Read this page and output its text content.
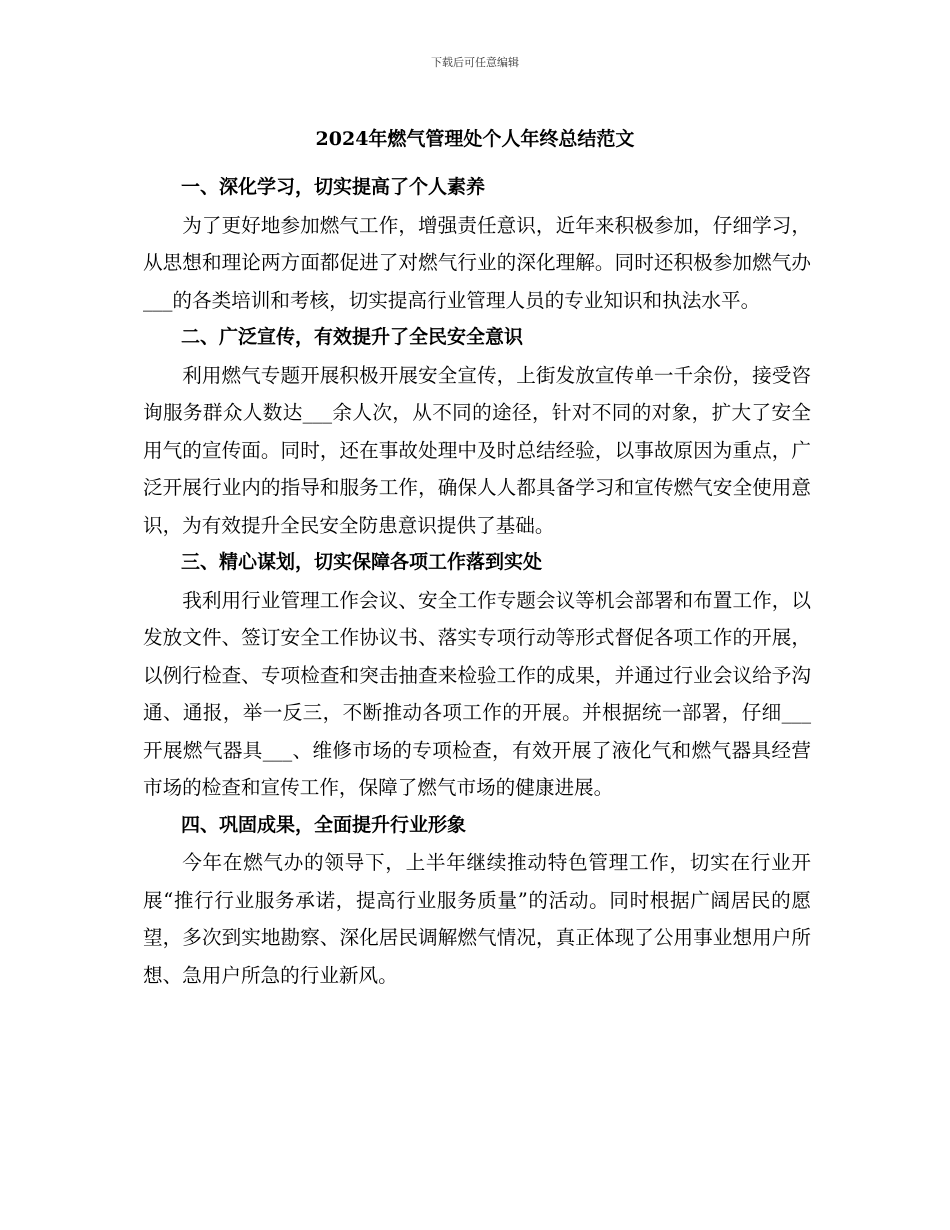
下载后可任意编辑
2024年燃气管理处个人年终总结范文

一、深化学习，切实提高了个人素养

为了更好地参加燃气工作，增强责任意识，近年来积极参加，仔细学习，从思想和理论两方面都促进了对燃气行业的深化理解。同时还积极参加燃气办___的各类培训和考核，切实提高行业管理人员的专业知识和执法水平。

二、广泛宣传，有效提升了全民安全意识

利用燃气专题开展积极开展安全宣传，上街发放宣传单一千余份，接受咨询服务群众人数达___余人次，从不同的途径，针对不同的对象，扩大了安全用气的宣传面。同时，还在事故处理中及时总结经验，以事故原因为重点，广泛开展行业内的指导和服务工作，确保人人都具备学习和宣传燃气安全使用意识，为有效提升全民安全防患意识提供了基础。

三、精心谋划，切实保障各项工作落到实处

我利用行业管理工作会议、安全工作专题会议等机会部署和布置工作，以发放文件、签订安全工作协议书、落实专项行动等形式督促各项工作的开展，以例行检查、专项检查和突击抽查来检验工作的成果，并通过行业会议给予沟通、通报，举一反三，不断推动各项工作的开展。并根据统一部署，仔细___开展燃气器具___、维修市场的专项检查，有效开展了液化气和燃气器具经营市场的检查和宣传工作，保障了燃气市场的健康进展。

四、巩固成果，全面提升行业形象

今年在燃气办的领导下，上半年继续推动特色管理工作，切实在行业开展“推行行业服务承诺，提高行业服务质量”的活动。同时根据广阔居民的愿望，多次到实地勘察、深化居民调解燃气情况，真正体现了公用事业想用户所想、急用户所急的行业新风。
